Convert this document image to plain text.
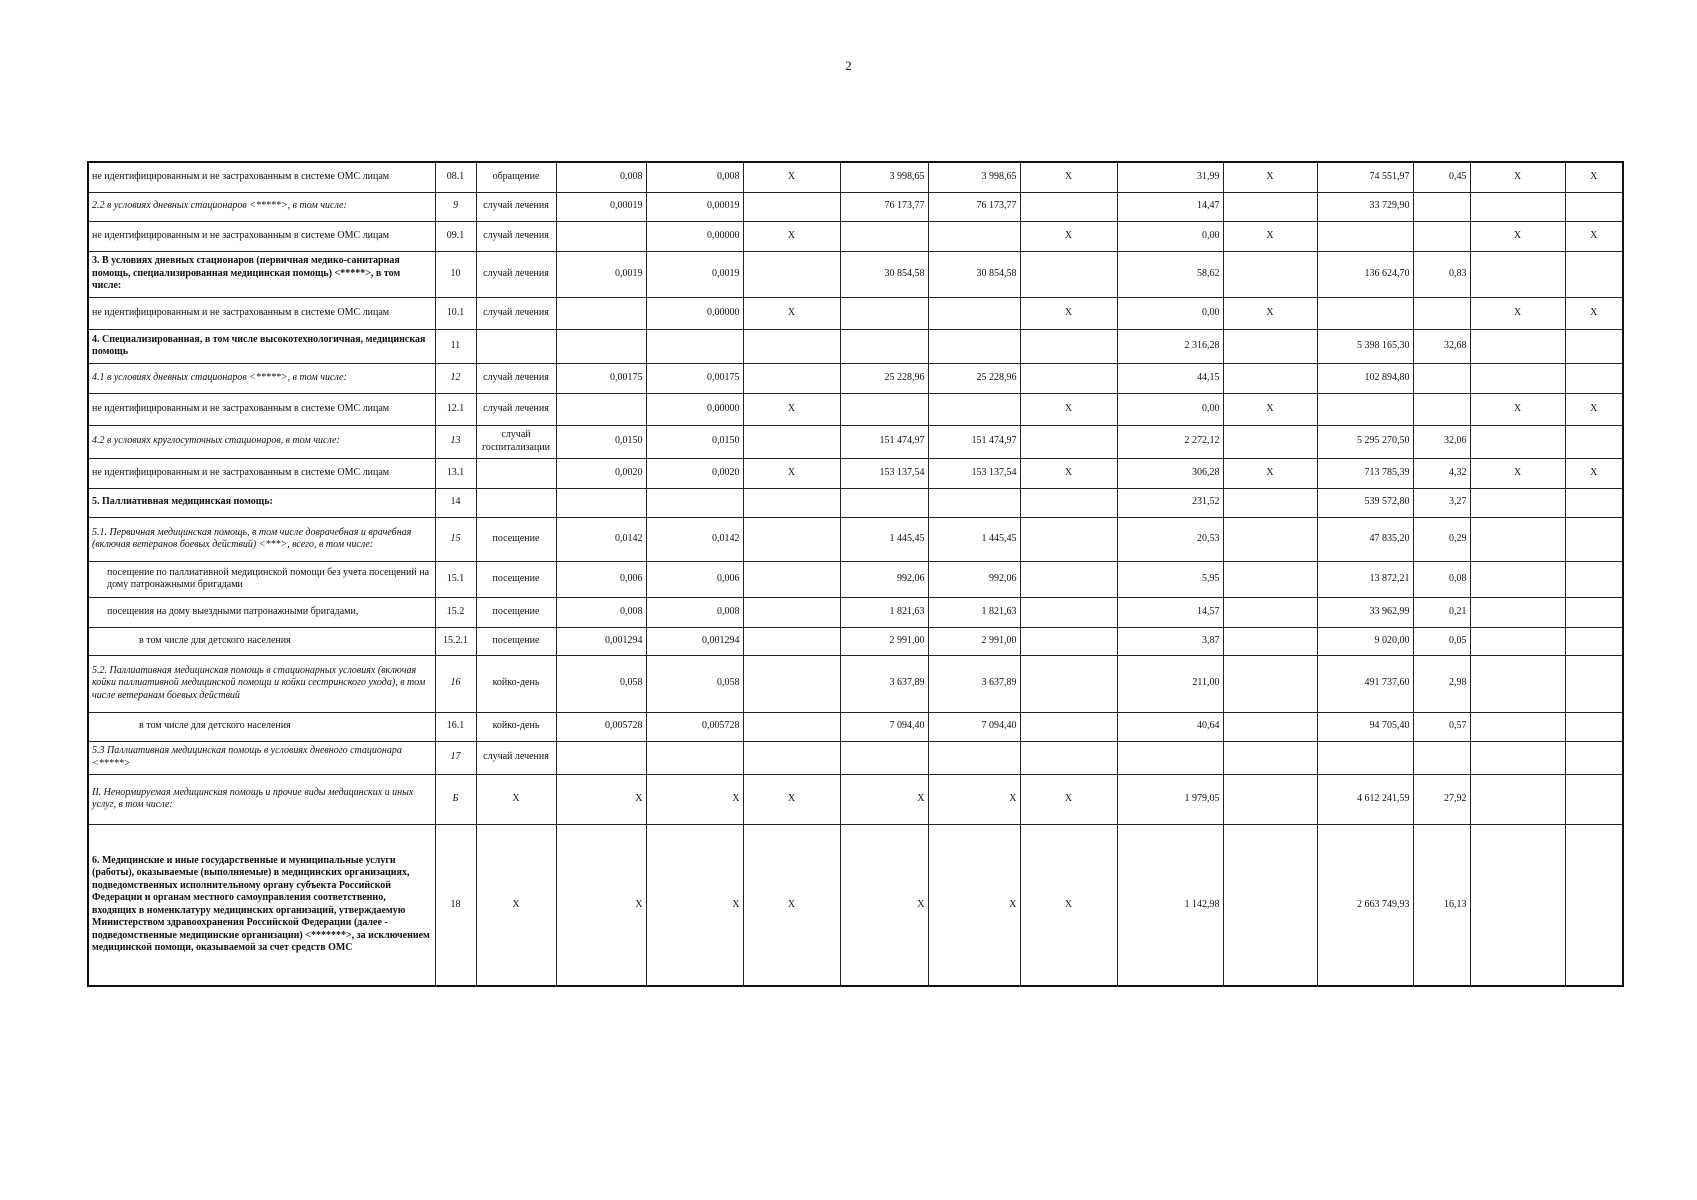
2
не идентифицированным и не застрахованным в системе ОМС лицам	08.1	обращение	0,008	0,008	Х	3 998,65	3 998,65	Х	31,99	Х	74 551,97	0,45	Х	Х
2.2 в условиях дневных стационаров <*****>, в том числе:	9	случай лечения	0,00019	0,00019		76 173,77	76 173,77		14,47		33 729,90			
не идентифицированным и не застрахованным в системе ОМС лицам	09.1	случай лечения		0,00000	Х			Х	0,00	Х			Х	Х
3. В условиях дневных стационаров (первичная медико-санитарная помощь, специализированная медицинская помощь) <*****>, в том числе:	10	случай лечения	0,0019	0,0019		30 854,58	30 854,58		58,62		136 624,70	0,83		
не идентифицированным и не застрахованным в системе ОМС лицам	10.1	случай лечения		0,00000	Х			Х	0,00	Х			Х	Х
4. Специализированная, в том числе высокотехнологичная, медицинская помощь	11								2 316,28		5 398 165,30	32,68		
4.1 в условиях дневных стационаров <*****>, в том числе:	12	случай лечения	0,00175	0,00175		25 228,96	25 228,96		44,15		102 894,80			
не идентифицированным и не застрахованным в системе ОМС лицам	12.1	случай лечения		0,00000	Х			Х	0,00	Х			Х	Х
4.2 в условиях круглосуточных стационаров, в том числе:	13	случай госпитализации	0,0150	0,0150		151 474,97	151 474,97		2 272,12		5 295 270,50	32,06		
не идентифицированным и не застрахованным в системе ОМС лицам	13.1		0,0020	0,0020	Х	153 137,54	153 137,54	Х	306,28	Х	713 785,39	4,32	Х	Х
5. Паллиативная медицинская помощь:	14								231,52		539 572,80	3,27		
5.1. Первичная медицинская помощь, в том числе доврачебная и врачебная (включая ветеранов боевых действий) <***>, всего, в том числе:	15	посещение	0,0142	0,0142		1 445,45	1 445,45		20,53		47 835,20	0,29		
посещение по паллиативной медицинской помощи без учета посещений на дому патронажными бригадами	15.1	посещение	0,006	0,006		992,06	992,06		5,95		13 872,21	0,08		
посещения на дому выездными патронажными бригадами,	15.2	посещение	0,008	0,008		1 821,63	1 821,63		14,57		33 962,99	0,21		
в том числе для детского населения	15.2.1	посещение	0,001294	0,001294		2 991,00	2 991,00		3,87		9 020,00	0,05		
5.2. Паллиативная медицинская помощь в стационарных условиях (включая койки паллиативной медицинской помощи и койки сестринского ухода), в том числе ветеранам боевых действий	16	койко-день	0,058	0,058		3 637,89	3 637,89		211,00		491 737,60	2,98		
в том числе для детского населения	16.1	койко-день	0,005728	0,005728		7 094,40	7 094,40		40,64		94 705,40	0,57		
5.3 Паллиативная медицинская помощь в условиях дневного стационара <*****>	17	случай лечения												
II. Ненормируемая медицинская помощь и прочие виды медицинских и иных услуг, в том числе:	Б	Х	Х	Х	Х	Х	Х	Х	1 979,05		4 612 241,59	27,92		
6. Медицинские и иные государственные и муниципальные услуги (работы), оказываемые (выполняемые) в медицинских организациях, подведомственных исполнительному органу субъекта Российской Федерации и органам местного самоуправления соответственно, входящих в номенклатуру медицинских организаций, утверждаемую Министерством здравоохранения Российской Федерации (далее - подведомственные медицинские организации) <*******>, за исключением медицинской помощи, оказываемой за счет средств ОМС	18	Х	Х	Х	Х	Х	Х	Х	1 142,98		2 663 749,93	16,13		
